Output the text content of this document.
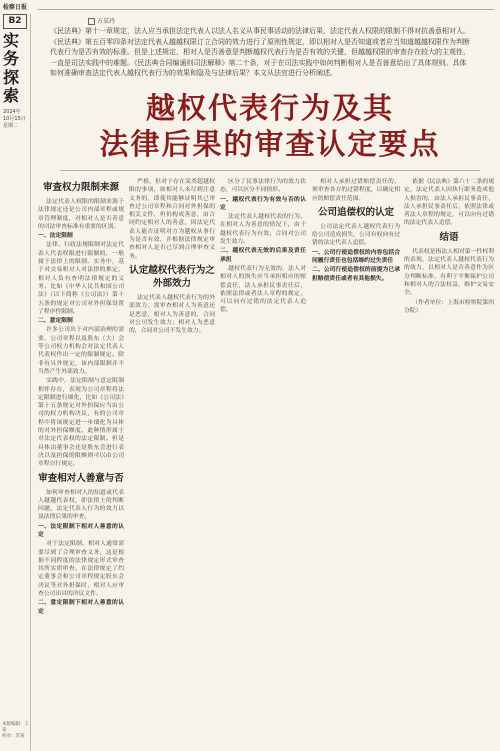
检察日报
B2
实务
探索
2024年
10月15日
星期二
本版编辑：王某
校对：苏某
方某玲

《民法典》第十一章规定，法人应当承担法定代表人以法人名义从事民事活动的法律后果，法定代表人权限的限制不得对抗善意相对人。《民法典》第五百零四条对法定代表人越越权限订立合同的效力进行了原则性规定，即以相对人是否知道或者应当知道越越权限作为判断代表行为是否有效的标准。但是上述规定，相对人是否善意是判断越权代表行为是否有效的关键，但越越权限的审查存在较大的主观性，一直是司法实践中的难题。《民法典合同编通则司法解释》第二十条，对于在司法实践中如何判断相对人是否善意给出了具体规则。具体如何准确审查法定代表人越权代表行为的效果和隐及与法律后果？本文从法官进行分析阐述。

越权代表行为及其
法律后果的审查认定要点
审查权力限制来源

法定代表人权限的限制来源于法律规定还是公司内部章程或规章管理制度，对相对人是否善意的司法审查标准有重要的区别。

一、法定限制

法律、行政法规限制对法定代表人代表权限进行限制的，一般属于法律上的限制。实务中，基于对交易相对人对法律的推定，相对人负有查明法律规定的义务。比如《中华人民共和国公司法》（以下简称《公司法》）第十五条的规定对公司对外担保设置了程序性限制。

二、意定限制

许多公司出于对内部治理的需要，公司章程以及股东（大）会等公司权力机构会对法定代表人代表权作出一定的限制规定。除非有另外规定，该内部限制并不当然产生外部效力。

实践中，法定限制与意定限制相伴存在，表现为公司章程将法定限制进行细化，比如《公司法》第十五条规定对外担保应当由公司的权力机构决议，有的公司章程中将该规定进一步细化为具体的对外担保额度，此种情形属于对法定代表权的法定限制。但是具体由董事会还是股东会进行表决以及担保的限额则可以由公司章程自行规定。

审查相对人善意与否

如何审查相对人的知道或代表人越越代表权，即法律上的判断问题，法定代表人行为的效力以及法律后果的审查。

一、法定限制下相对人善意的认定

对于法定限制，相对人通常需要尽到了合理审查义务，这是根据不同程度的法律规定形式审查其所实质审查，在法律规定了约定董事会和公司章程规定股东会决议等对外担保时，相对人应审查公司出具的决议文件。

二、意定限制下相对人善意的认定

严格，但对于存在某类超越权限的事项，如相对人未尽到注意义务的，即使其能够证明其已审查过公司章程和合同对外担保的相关文件，但仍构成善意，由合同约定相对人的善意，因法定代表人能否证明对方为越权从事行为是否有效，并根据法律规定审查相对人是否已尽到合理审查义务。

认定越权代表行为之外部效力

法定代表人越权代表行为的外部效力，需审查相对人为善意还是恶意，相对人为善意的，合同对公司发生效力；相对人为恶意的，合同对公司不发生效力。

区分了民事法律行为的效力状态，可以区分不同情形。

一、越权代表行为有效与否的认定

法定代表人越权代表的行为，在相对人为善意的情况下，由于越权代表行为有效，合同对公司发生效力。

二、越权代表无效的后果及责任承担

越权代表行为无效的，法人对相对人的损失应当承担相应的赔偿责任，法人承担民事责任后，依照法律或者法人章程的规定，可以向有过错的法定代表人追偿。

相对人承担过错赔偿责任的，须审查各方的过错程度，以确定相应的赔偿责任范围。

公司追偿权的认定

公司法定代表人越权代表行为给公司造成损失，公司有权向有过错的法定代表人追偿。

一、公司行使追偿权的内容包括合同履行责任也包括缔约过失责任

二、公司行使追偿权的前提为已承担赔偿责任或者有其他损失。

依据《民法典》第六十二条的规定，法定代表人因执行职务造成他人损害的，由法人承担民事责任，法人承担民事责任后，依照法律或者法人章程的规定，可以向有过错的法定代表人追偿。

结语

代表权是指法人相对第一性权利的表现，法定代表人越权代表行为的效力，以相对人是否善意作为区分判断标准，有利于平衡保护公司和相对人的合法权益，维护交易安全。

（作者单位：上海市检察院第四分院）
